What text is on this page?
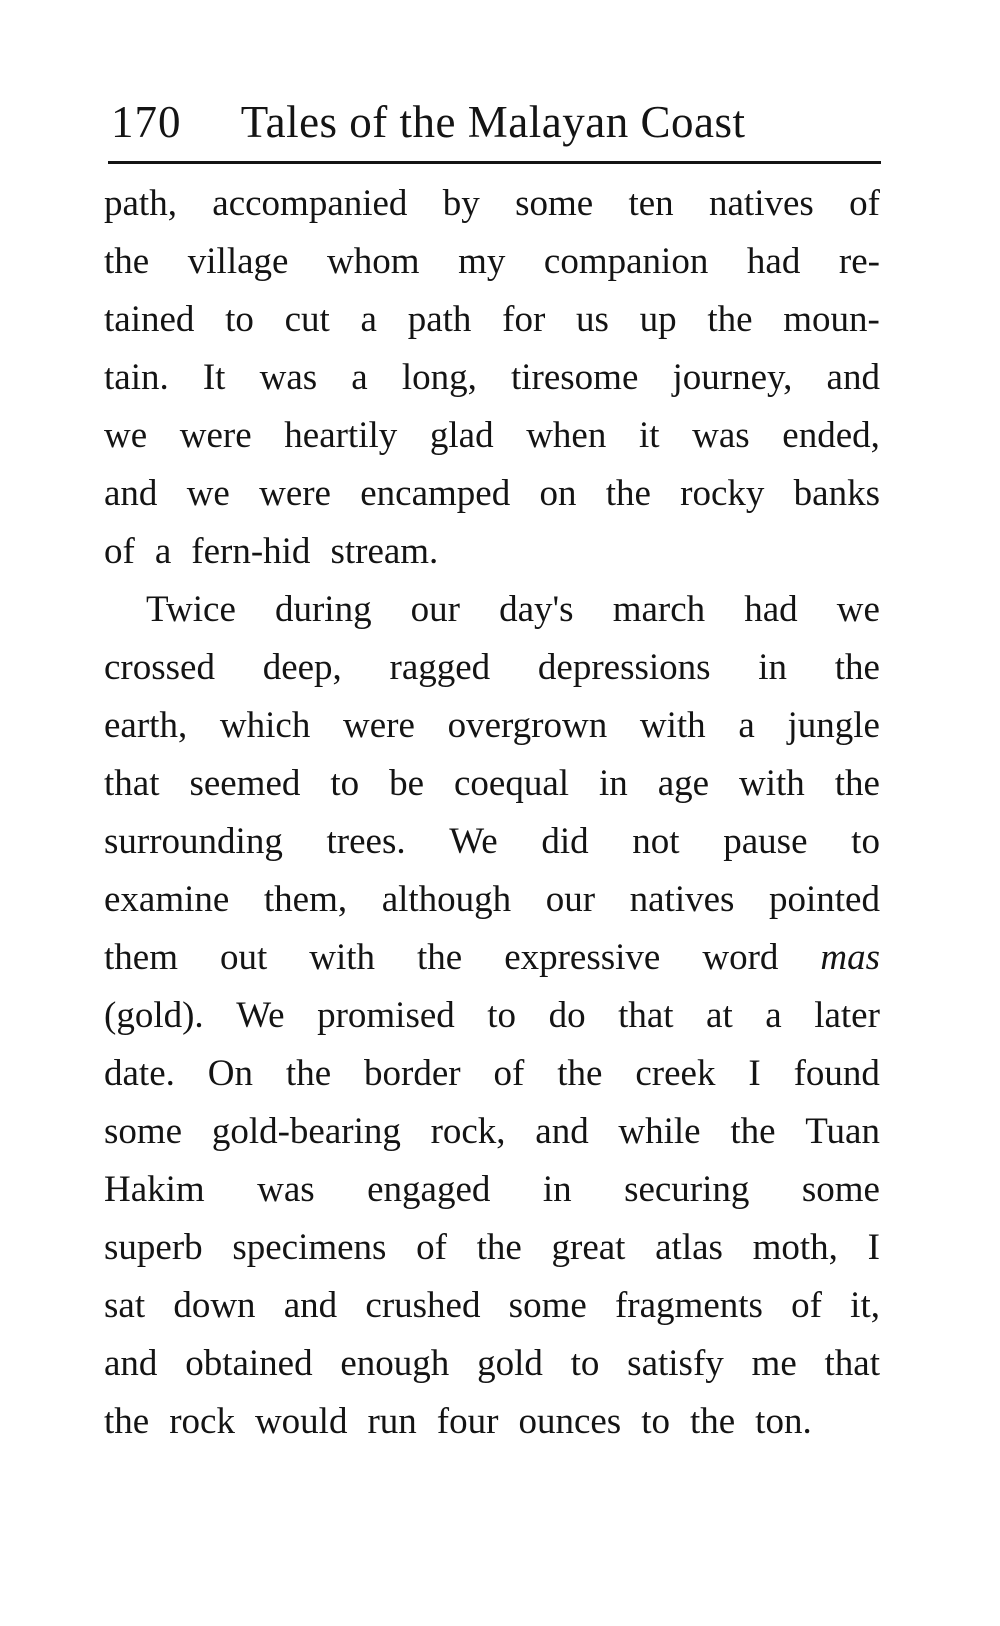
170 Tales of the Malayan Coast
path, accompanied by some ten natives of
the village whom my companion had re-
tained to cut a path for us up the moun-
tain. It was a long, tiresome journey, and
we were heartily glad when it was ended,
and we were encamped on the rocky banks
of a fern-hid stream.
Twice during our day's march had we
crossed deep, ragged depressions in the
earth, which were overgrown with a jungle
that seemed to be coequal in age with the
surrounding trees. We did not pause to
examine them, although our natives pointed
them out with the expressive word mas
(gold). We promised to do that at a later
date. On the border of the creek I found
some gold-bearing rock, and while the Tuan
Hakim was engaged in securing some
superb specimens of the great atlas moth, I
sat down and crushed some fragments of it,
and obtained enough gold to satisfy me that
the rock would run four ounces to the ton.
